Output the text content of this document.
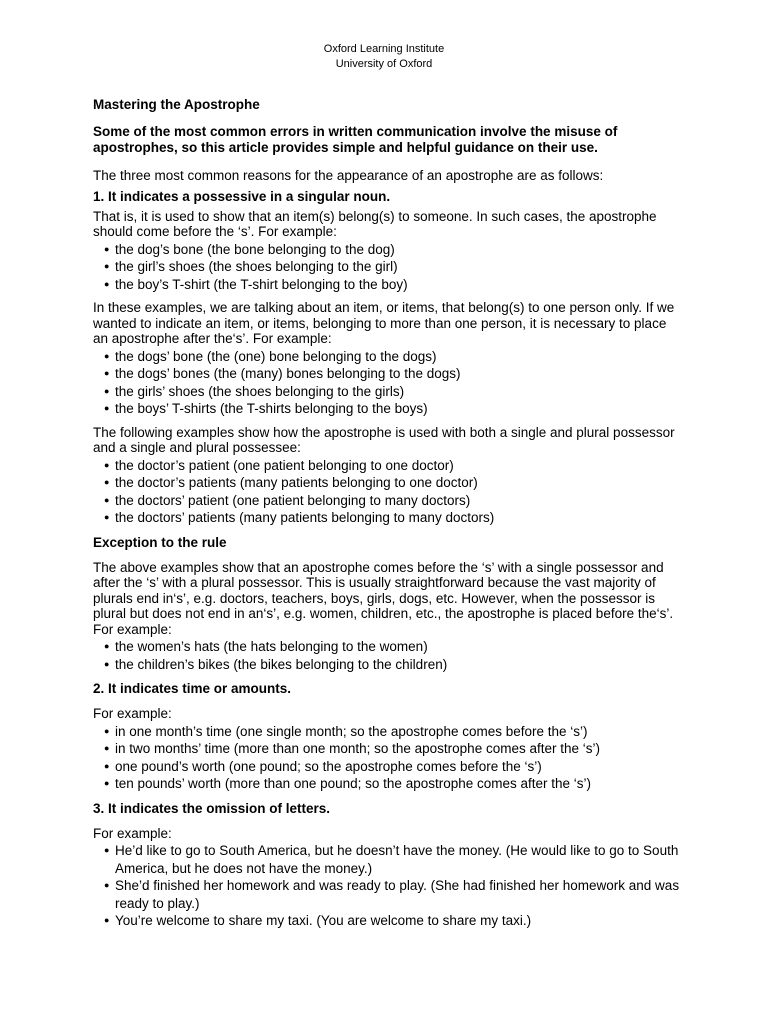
Oxford Learning Institute
University of Oxford
Mastering the Apostrophe
Some of the most common errors in written communication involve the misuse of apostrophes, so this article provides simple and helpful guidance on their use.

The three most common reasons for the appearance of an apostrophe are as follows:

1. It indicates a possessive in a singular noun.

That is, it is used to show that an item(s) belong(s) to someone. In such cases, the apostrophe should come before the ‘s’. For example:

● the dog’s bone (the bone belonging to the dog)
● the girl’s shoes (the shoes belonging to the girl)
● the boy’s T-shirt (the T-shirt belonging to the boy)

In these examples, we are talking about an item, or items, that belong(s) to one person only. If we wanted to indicate an item, or items, belonging to more than one person, it is necessary to place an apostrophe after the‘s’. For example:

● the dogs’ bone (the (one) bone belonging to the dogs)
● the dogs’ bones (the (many) bones belonging to the dogs)
● the girls’ shoes (the shoes belonging to the girls)
● the boys’ T-shirts (the T-shirts belonging to the boys)

The following examples show how the apostrophe is used with both a single and plural possessor and a single and plural possessee:

● the doctor’s patient (one patient belonging to one doctor)
● the doctor’s patients (many patients belonging to one doctor)
● the doctors’ patient (one patient belonging to many doctors)
● the doctors’ patients (many patients belonging to many doctors)
Exception to the rule

The above examples show that an apostrophe comes before the ‘s’ with a single possessor and after the ‘s’ with a plural possessor. This is usually straightforward because the vast majority of plurals end in‘s’, e.g. doctors, teachers, boys, girls, dogs, etc. However, when the possessor is plural but does not end in an‘s’, e.g. women, children, etc., the apostrophe is placed before the‘s’. For example:

● the women’s hats (the hats belonging to the women)
● the children’s bikes (the bikes belonging to the children)
2. It indicates time or amounts.

For example:

● in one month’s time (one single month; so the apostrophe comes before the ‘s’)
● in two months’ time (more than one month; so the apostrophe comes after the ‘s’)
● one pound’s worth (one pound; so the apostrophe comes before the ‘s’)
● ten pounds’ worth (more than one pound; so the apostrophe comes after the ‘s’)
3. It indicates the omission of letters.

For example:

● He’d like to go to South America, but he doesn’t have the money. (He would like to go to South America, but he does not have the money.)
● She’d finished her homework and was ready to play. (She had finished her homework and was ready to play.)
● You’re welcome to share my taxi. (You are welcome to share my taxi.)
